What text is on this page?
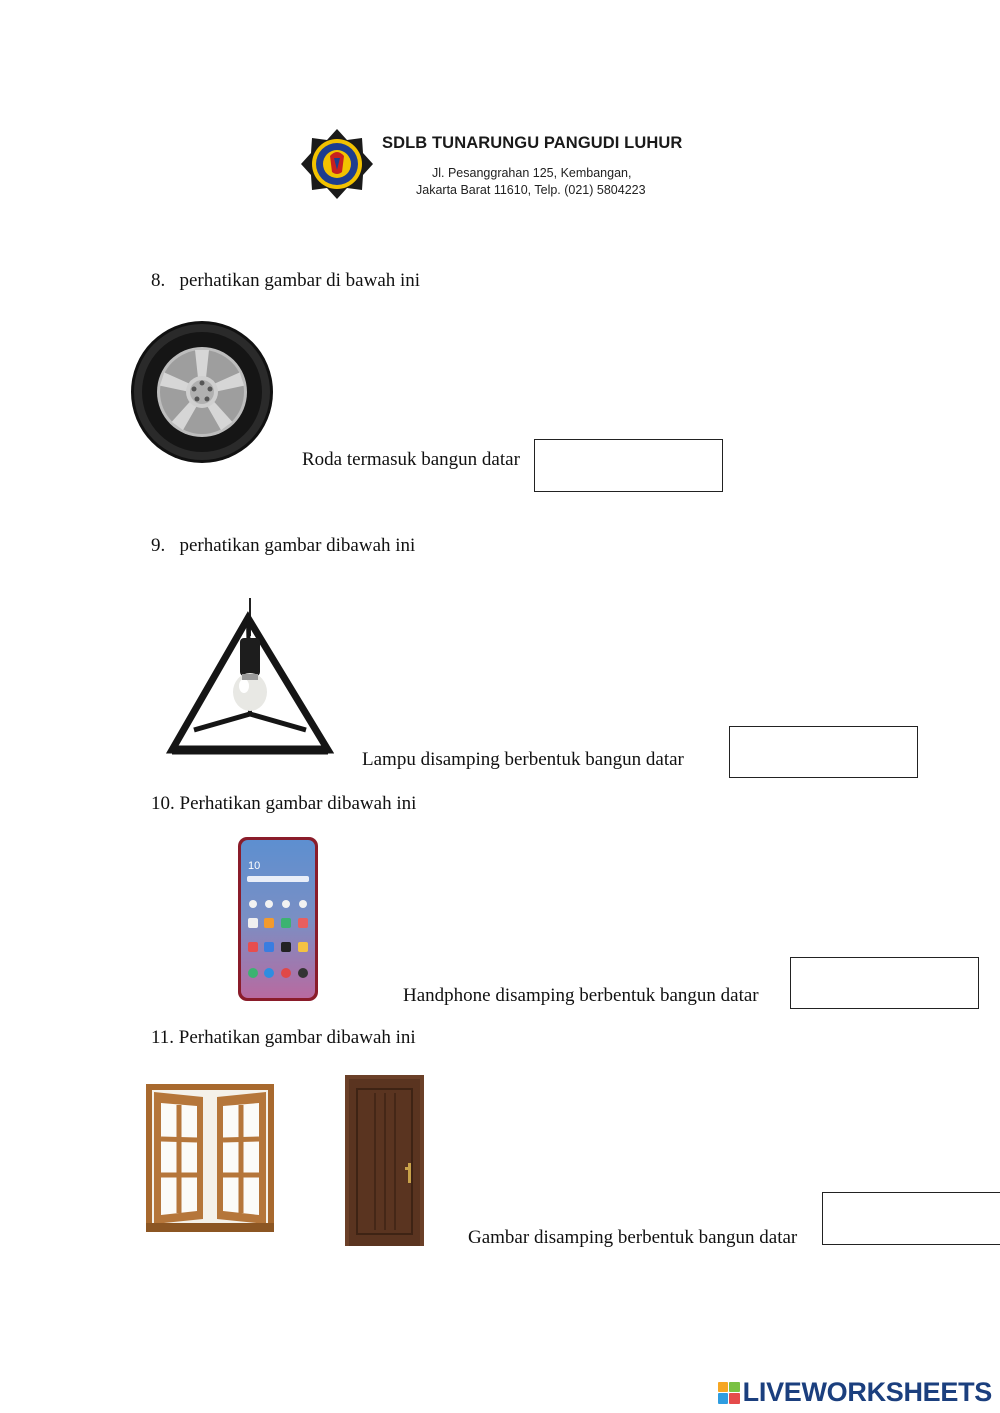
SDLB TUNARUNGU PANGUDI LUHUR
Jl. Pesanggrahan 125, Kembangan,
Jakarta Barat 11610, Telp. (021) 5804223
8. perhatikan gambar di bawah ini
Roda termasuk bangun datar
9. perhatikan gambar dibawah ini
Lampu disamping berbentuk bangun datar
10. Perhatikan gambar dibawah ini
10
Handphone disamping berbentuk bangun datar
11. Perhatikan gambar dibawah ini
Gambar disamping berbentuk bangun datar
LIVEWORKSHEETS
